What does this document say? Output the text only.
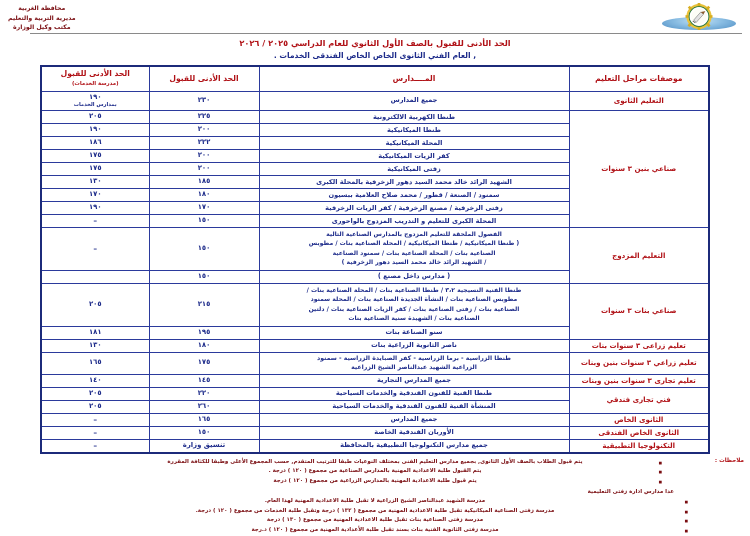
محافظة الغربية
مديرية التربية والتعليم
مكتب وكيل الوزارة
الحد الأدنى للقبول بالصف الأول الثانوي للعام الدراسي ٢٠٢٥ / ٢٠٢٦
, العام الفني الثانوى الخاص الخاص الفندقى الخدمات .
موصفات مراحل التعليم	المــــدارس	الحد الأدنى للقبول	الحد الأدنى للقبول
(مدرسة الخدمات)

التعليم الثانوى	جميع المدارس	٢٣٠	١٩٠
بمدارس الخدمات

صناعي بنين ٣ سنوات	طنطا الكهربية الالكترونية	٢٢٥	٢٠٥
	طنطا الميكانيكية	٢٠٠	١٩٠
	المحلة الميكانيكية	٢٢٢	١٨٦
	كفر الزيات الميكانيكية	٢٠٠	١٧٥
	زفتى الميكانيكية	٢٠٠	١٧٥
	الشهيد الرائد خالد محمد السيد دهور الزخرفية بالمحلة الكبرى	١٨٥	١٣٠
	سمنود / الصنعة / قطور / محمد صلاح العلامية ببسيون	١٨٠	١٧٠
	زفتى الزخرفية / مصنع الزخرفية / كفر الزيات الزخرفية	١٧٠	١٩٠
	المحلة الكبرى للتعليم و التدريب المزدوج بالواحورى	١٥٠	–
التعليم المزدوج	الفصول الملحقة للتعليم المزدوج بالمدارس الصناعية التالية
( طنطا الميكانيكية / طنطا الميكانيكية / المحلة الصناعية بنات / مطوبس
الصناعية بنات / المحلة الصناعية بنات / سمنود الصناعية
/ الشهيد الرائد خالد محمد السيد دهور الزخرفية )	١٥٠	–
	( مدارس داخل مصنع )	١٥٠	
صناعي بنات ٣ سنوات	طنطا الفنية النسيجية ٣،٢ / طنطا الصناعية بنات / المحلة الصناعية بنات /
مطوبس الصناعية بنات / النشأة الجديدة الصناعية بنات / المحلة سمنود
الصناعية بنات / زفتى الصناعية بنات / كفر الزيات الصناعية بنات / دلتين
الصناعية بنات / الشهيدة سنية الصناعية بنات	٢١٥	٢٠٥
	سنو الصناعة بنات	١٩٥	١٨١
تعليم زراعى ٣ سنوات بنات	ناصر الثانوية الزراعية بنات	١٨٠	١٣٠
تعليم زراعي ٣ سنوات بنين وبنات	طنطا الزراسية - برما الزراسية - كفر الصبايدة الزراسية - سمنود
الزراعية الشهيد عبدالناصر الشيخ الزراعية	١٧٥	١٦٥
تعليم تجارى ٣ سنوات بنين وبنات	جميع المدارس التجارية	١٤٥	١٤٠
فني تجارى فندقي	طنطا الفنية للفنون الفندقية والخدمات السياحية	٢٢٠	٢٠٥
	المنشأة الفنية للفنون الفندقية والخدمات السياحية	٢٦٠	٢٠٥
الثانوى الخاص	جميع المدارس	١٦٥	–
الثانوى الخاص الفندقى	الأوربان الفندقية الخاصة	١٥٠	–
التكنولوجيا التطبيقية	جميع مدارس التكنولوجيا التطبيقية بالمحافظة	تنسيق وزارة	–
ملاحظات :
■ يتم قبول الطلاب بالصف الأول الثانوى, بجميع مدارس التعليم الفنى بمختلف النوعيات طبقا للترتيب المتقدم, حسب المجموع الأعلى وطبقا للكثافة المقررة
■ يتم القبول طلبة الاعدادية المهنية بالمدارس الصناعية من مجموع ( ١٢٠ ) درجة .
■ يتم قبول طلبة الاعدادية المهنية بالمدارس الزراعية من مجموع ( ١٢٠ ) درجة
عدا مدارس ادارة زفتى التعليمية
■ مدرسة الشهيد عبدالناصر الشيخ الزراعية لا تقبل طلبة الاعدادية المهنية لهذا العام.
■ مدرسة زفتى الصناعية الميكانيكية تقبل طلبة الاعدادية المهنية من مجموع ( ١٣٢ ) درجة وتقبل طلبة الخدمات من مجموع ( ١٢٠ ) درجة.
■ مدرسة زفتى الصناعية بنات تقبل طلبة الاعدادية المهنية من مجموع ( ١٣٠ ) درجة
■ مدرسة زفتى الثانوية الفنية بنات بسند تقبل طلبة الأعدادية المهنية من مجموع ( ١٢٠ ) د.رجة
